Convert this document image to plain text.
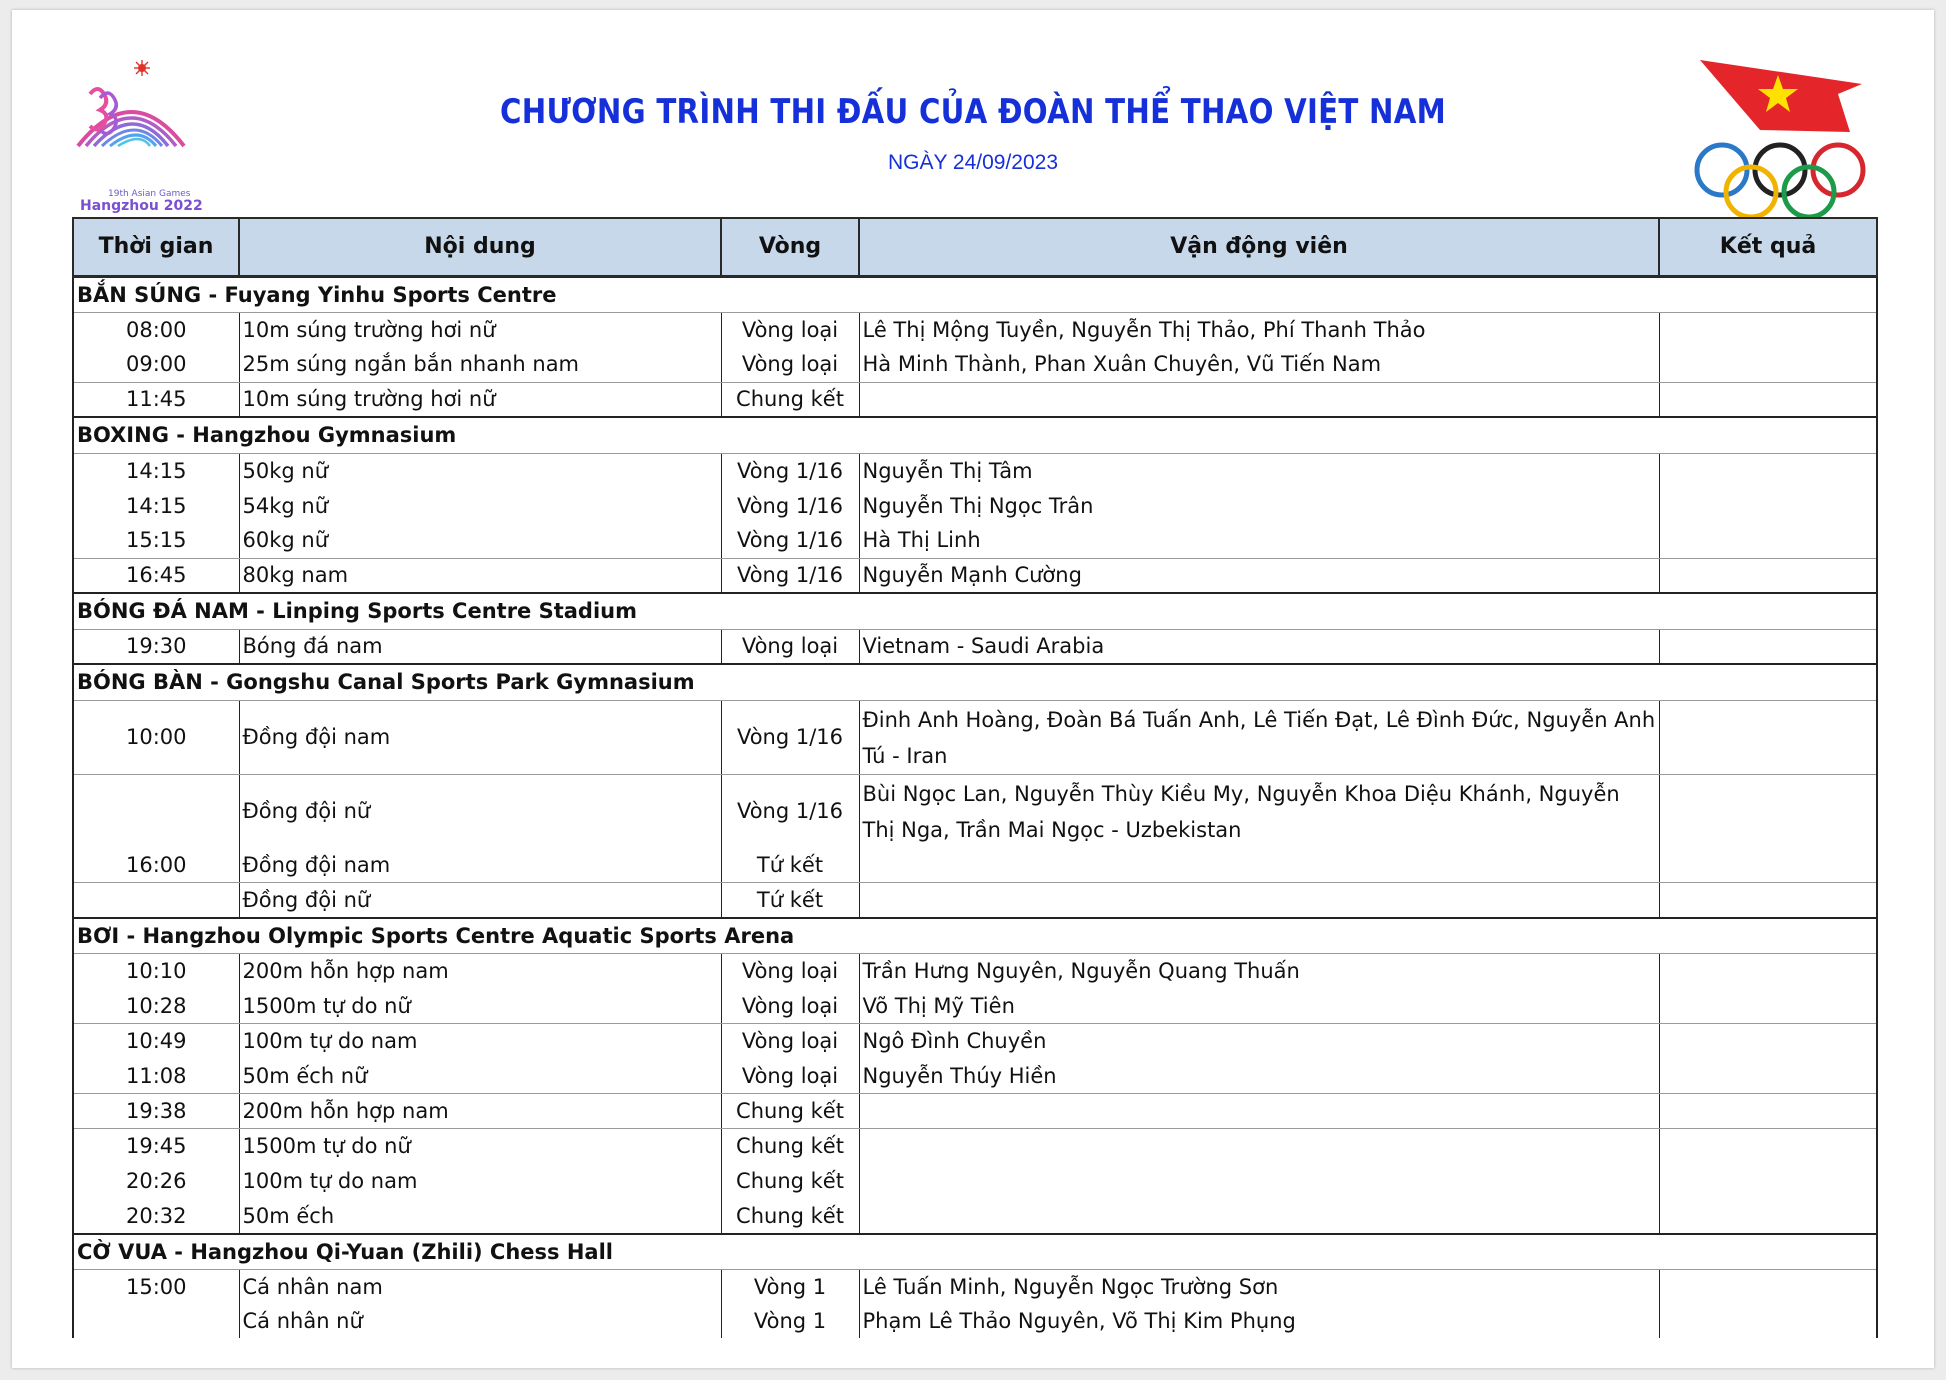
19th Asian Games
Hangzhou 2022
CHƯƠNG TRÌNH THI ĐẤU CỦA ĐOÀN THỂ THAO VIỆT NAM
NGÀY 24/09/2023
Thời gian	Nội dung	Vòng	Vận động viên	Kết quả
BẮN SÚNG - Fuyang Yinhu Sports Centre				
08:00	10m súng trường hơi nữ	Vòng loại	Lê Thị Mộng Tuyền, Nguyễn Thị Thảo, Phí Thanh Thảo	
09:00	25m súng ngắn bắn nhanh nam	Vòng loại	Hà Minh Thành, Phan Xuân Chuyên, Vũ Tiến Nam	
11:45	10m súng trường hơi nữ	Chung kết		
BOXING - Hangzhou Gymnasium				
14:15	50kg nữ	Vòng 1/16	Nguyễn Thị Tâm	
14:15	54kg nữ	Vòng 1/16	Nguyễn Thị Ngọc Trân	
15:15	60kg nữ	Vòng 1/16	Hà Thị Linh	
16:45	80kg nam	Vòng 1/16	Nguyễn Mạnh Cường	
BÓNG ĐÁ NAM - Linping Sports Centre Stadium				
19:30	Bóng đá nam	Vòng loại	Vietnam - Saudi Arabia	
BÓNG BÀN - Gongshu Canal Sports Park Gymnasium				
10:00	Đồng đội nam	Vòng 1/16	Đinh Anh Hoàng, Đoàn Bá Tuấn Anh, Lê Tiến Đạt, Lê Đình Đức, Nguyễn Anh Tú - Iran	
	Đồng đội nữ	Vòng 1/16	Bùi Ngọc Lan, Nguyễn Thùy Kiều My, Nguyễn Khoa Diệu Khánh, Nguyễn Thị Nga, Trần Mai Ngọc - Uzbekistan	
16:00	Đồng đội nam	Tứ kết		
	Đồng đội nữ	Tứ kết		
BƠI - Hangzhou Olympic Sports Centre Aquatic Sports Arena				
10:10	200m hỗn hợp nam	Vòng loại	Trần Hưng Nguyên, Nguyễn Quang Thuấn	
10:28	1500m tự do nữ	Vòng loại	Võ Thị Mỹ Tiên	
10:49	100m tự do nam	Vòng loại	Ngô Đình Chuyền	
11:08	50m ếch nữ	Vòng loại	Nguyễn Thúy Hiền	
19:38	200m hỗn hợp nam	Chung kết		
19:45	1500m tự do nữ	Chung kết		
20:26	100m tự do nam	Chung kết		
20:32	50m ếch	Chung kết		
CỜ VUA - Hangzhou Qi-Yuan (Zhili) Chess Hall				
15:00	Cá nhân nam	Vòng 1	Lê Tuấn Minh, Nguyễn Ngọc Trường Sơn	
	Cá nhân nữ	Vòng 1	Phạm Lê Thảo Nguyên, Võ Thị Kim Phụng	
